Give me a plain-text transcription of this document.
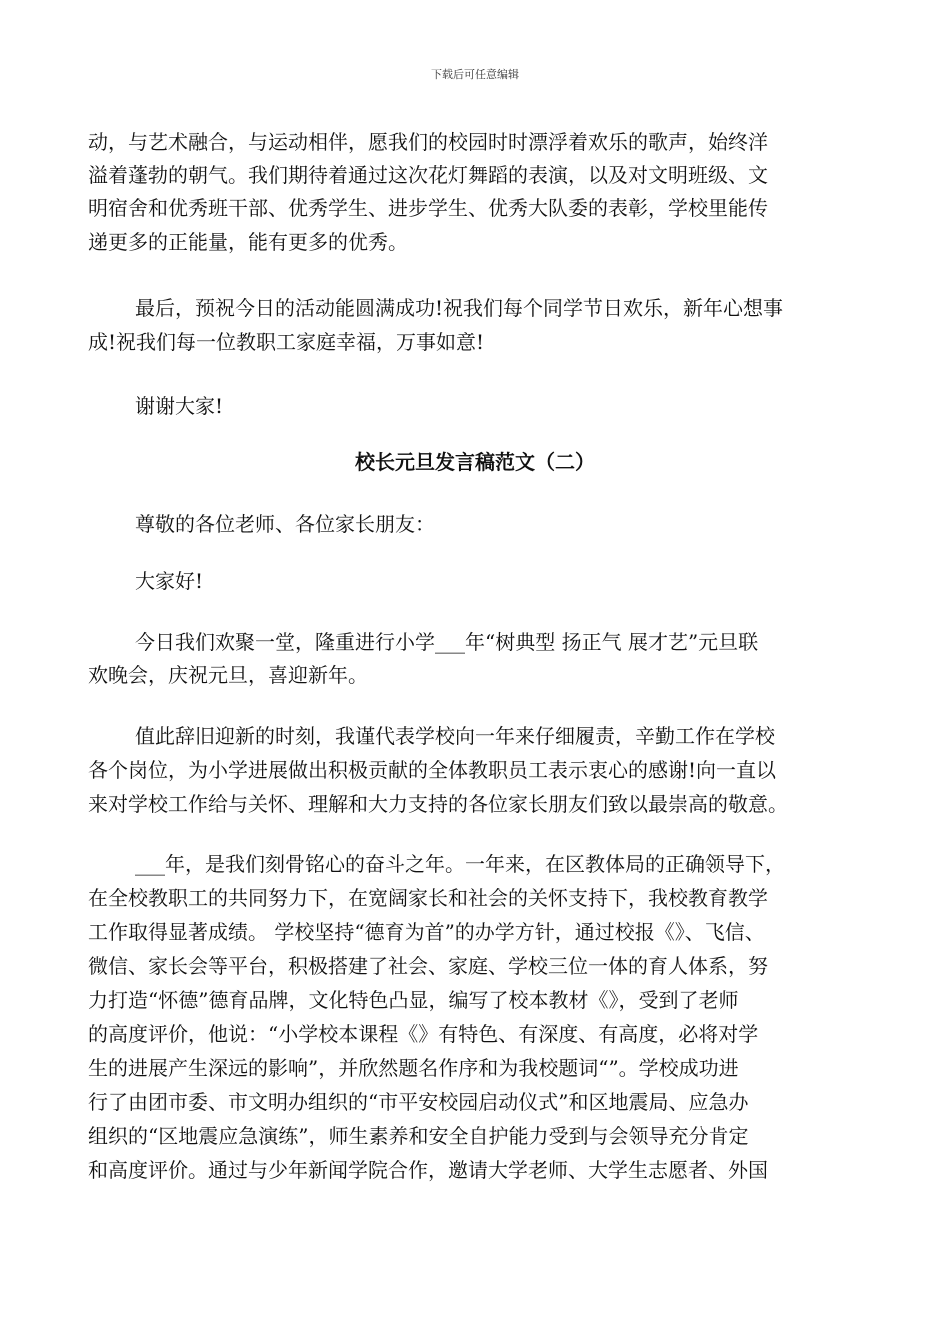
下载后可任意编辑

动，与艺术融合，与运动相伴，愿我们的校园时时漂浮着欢乐的歌声，始终洋

溢着蓬勃的朝气。我们期待着通过这次花灯舞蹈的表演，以及对文明班级、文

明宿舍和优秀班干部、优秀学生、进步学生、优秀大队委的表彰，学校里能传

递更多的正能量，能有更多的优秀。

最后，预祝今日的活动能圆满成功!祝我们每个同学节日欢乐，新年心想事

成!祝我们每一位教职工家庭幸福，万事如意!

谢谢大家!

校长元旦发言稿范文（二）

尊敬的各位老师、各位家长朋友：

大家好!

今日我们欢聚一堂，隆重进行小学___年“树典型 扬正气 展才艺”元旦联

欢晚会，庆祝元旦，喜迎新年。

值此辞旧迎新的时刻，我谨代表学校向一年来仔细履责，辛勤工作在学校

各个岗位，为小学进展做出积极贡献的全体教职员工表示衷心的感谢!向一直以

来对学校工作给与关怀、理解和大力支持的各位家长朋友们致以最崇高的敬意。

___年，是我们刻骨铭心的奋斗之年。一年来，在区教体局的正确领导下，

在全校教职工的共同努力下，在宽阔家长和社会的关怀支持下，我校教育教学

工作取得显著成绩。 学校坚持“德育为首”的办学方针，通过校报《》、飞信、

微信、家长会等平台，积极搭建了社会、家庭、学校三位一体的育人体系，努

力打造“怀德”德育品牌，文化特色凸显，编写了校本教材《》，受到了老师

的高度评价，他说：“小学校本课程《》有特色、有深度、有高度，必将对学

生的进展产生深远的影响”，并欣然题名作序和为我校题词“”。学校成功进

行了由团市委、市文明办组织的“市平安校园启动仪式”和区地震局、应急办

组织的“区地震应急演练”，师生素养和安全自护能力受到与会领导充分肯定

和高度评价。通过与少年新闻学院合作，邀请大学老师、大学生志愿者、外国
